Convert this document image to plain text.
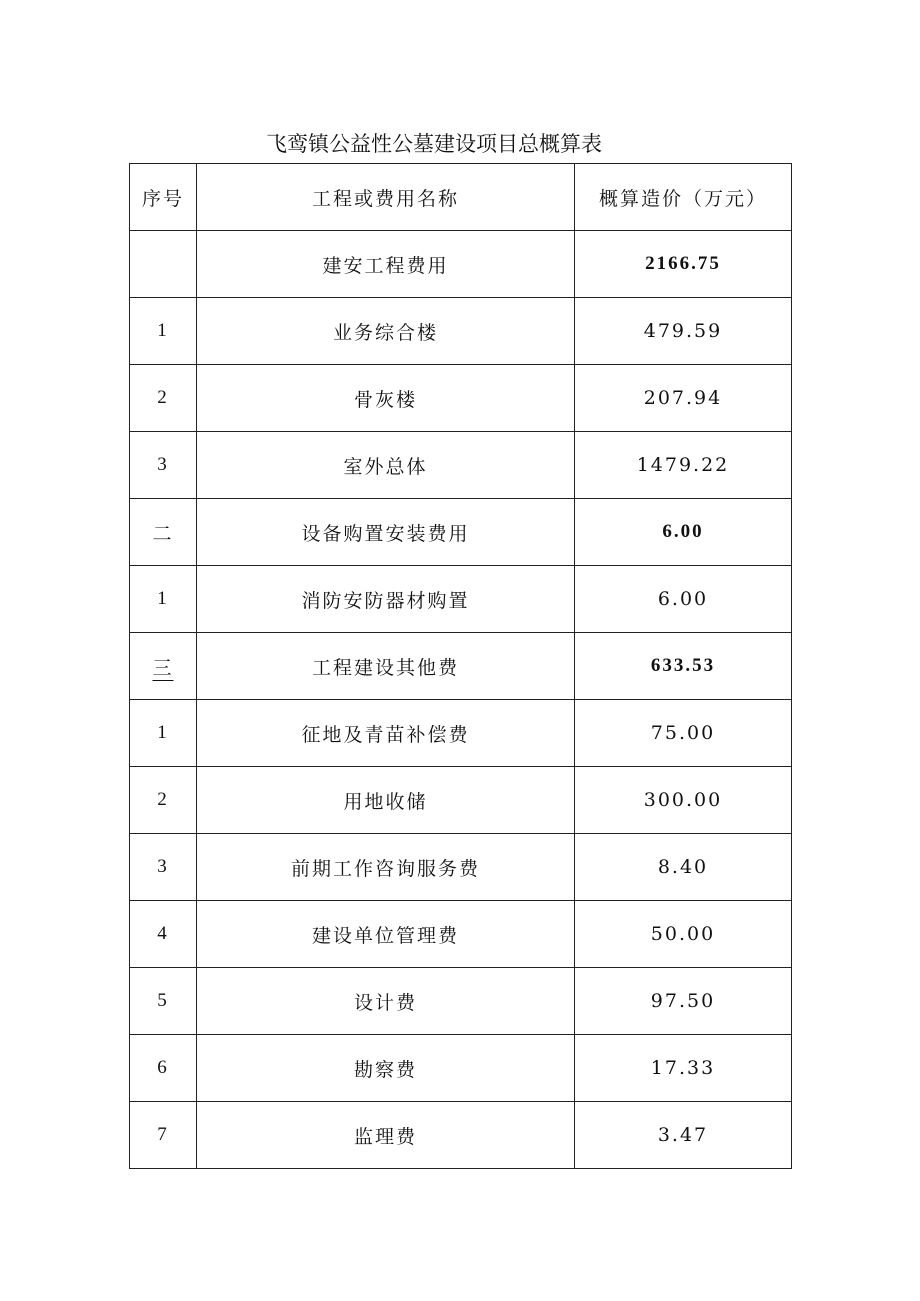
飞鸾镇公益性公墓建设项目总概算表
序号	工程或费用名称	概算造价（万元）
	建安工程费用	2166.75
1	业务综合楼	479.59
2	骨灰楼	207.94
3	室外总体	1479.22
二	设备购置安装费用	6.00
1	消防安防器材购置	6.00
三	工程建设其他费	633.53
1	征地及青苗补偿费	75.00
2	用地收储	300.00
3	前期工作咨询服务费	8.40
4	建设单位管理费	50.00
5	设计费	97.50
6	勘察费	17.33
7	监理费	3.47
